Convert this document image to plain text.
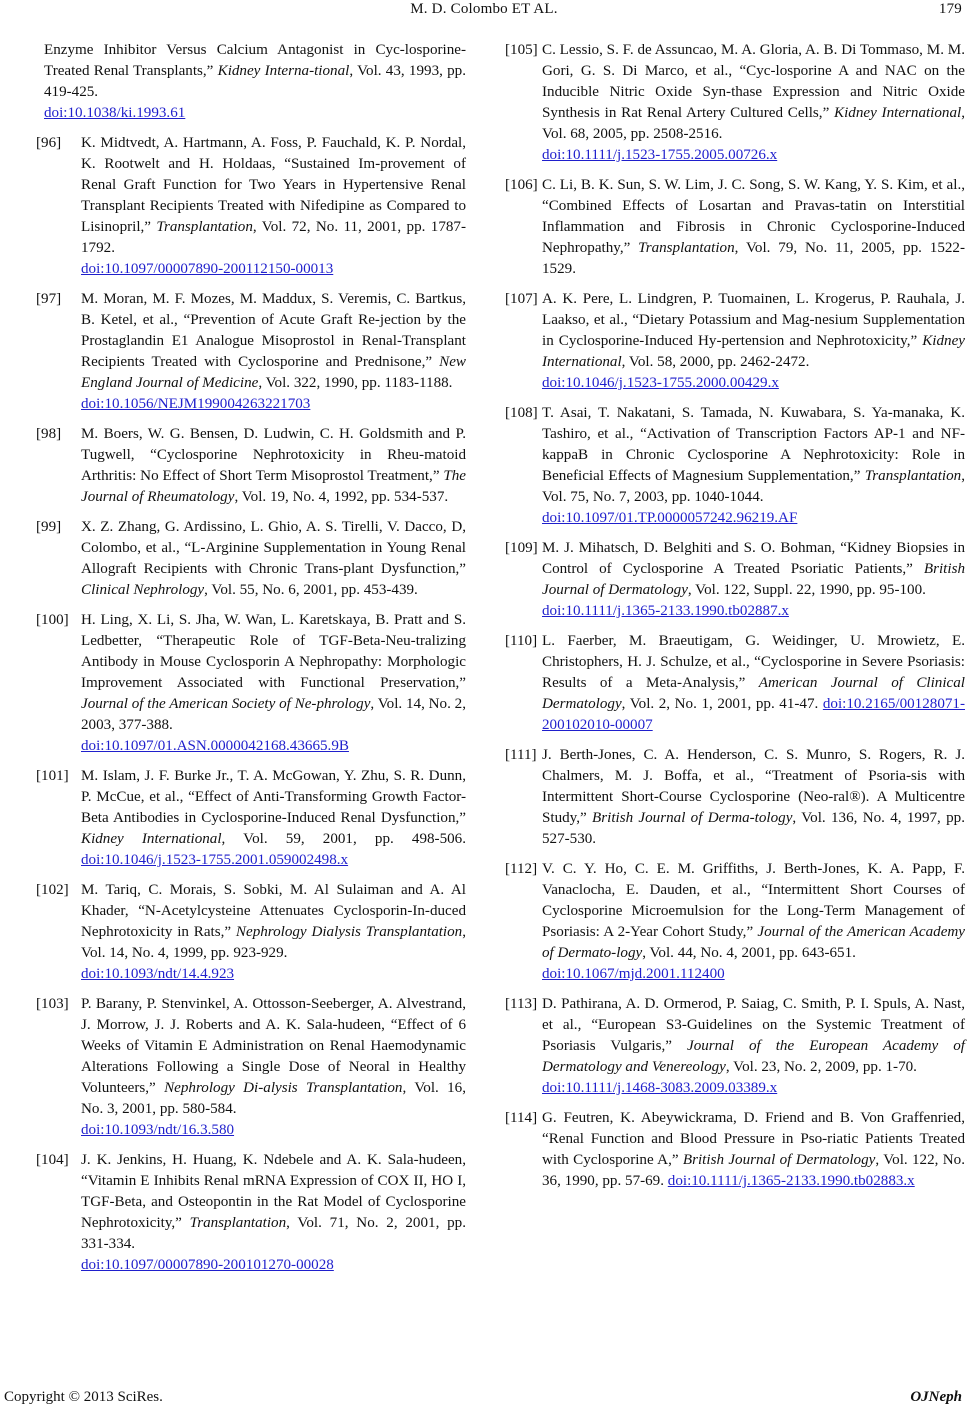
M. D. Colombo ET AL.	179
Enzyme Inhibitor Versus Calcium Antagonist in Cyc-losporine-Treated Renal Transplants,” Kidney Interna-tional, Vol. 43, 1993, pp. 419-425.
doi:10.1038/ki.1993.61
[96] K. Midtvedt, A. Hartmann, A. Foss, P. Fauchald, K. P. Nordal, K. Rootwelt and H. Holdaas, “Sustained Im-provement of Renal Graft Function for Two Years in Hypertensive Renal Transplant Recipients Treated with Nifedipine as Compared to Lisinopril,” Transplantation, Vol. 72, No. 11, 2001, pp. 1787-1792.
doi:10.1097/00007890-200112150-00013
[97] M. Moran, M. F. Mozes, M. Maddux, S. Veremis, C. Bartkus, B. Ketel, et al., “Prevention of Acute Graft Re-jection by the Prostaglandin E1 Analogue Misoprostol in Renal-Transplant Recipients Treated with Cyclosporine and Prednisone,” New England Journal of Medicine, Vol. 322, 1990, pp. 1183-1188.
doi:10.1056/NEJM199004263221703
[98] M. Boers, W. G. Bensen, D. Ludwin, C. H. Goldsmith and P. Tugwell, “Cyclosporine Nephrotoxicity in Rheu-matoid Arthritis: No Effect of Short Term Misoprostol Treatment,” The Journal of Rheumatology, Vol. 19, No. 4, 1992, pp. 534-537.
[99] X. Z. Zhang, G. Ardissino, L. Ghio, A. S. Tirelli, V. Dacco, D, Colombo, et al., “L-Arginine Supplementation in Young Renal Allograft Recipients with Chronic Trans-plant Dysfunction,” Clinical Nephrology, Vol. 55, No. 6, 2001, pp. 453-439.
[100] H. Ling, X. Li, S. Jha, W. Wan, L. Karetskaya, B. Pratt and S. Ledbetter, “Therapeutic Role of TGF-Beta-Neu-tralizing Antibody in Mouse Cyclosporin A Nephropathy: Morphologic Improvement Associated with Functional Preservation,” Journal of the American Society of Ne-phrology, Vol. 14, No. 2, 2003, 377-388.
doi:10.1097/01.ASN.0000042168.43665.9B
[101] M. Islam, J. F. Burke Jr., T. A. McGowan, Y. Zhu, S. R. Dunn, P. McCue, et al., “Effect of Anti-Transforming Growth Factor-Beta Antibodies in Cyclosporine-Induced Renal Dysfunction,” Kidney International, Vol. 59, 2001, pp. 498-506. doi:10.1046/j.1523-1755.2001.059002498.x
[102] M. Tariq, C. Morais, S. Sobki, M. Al Sulaiman and A. Al Khader, “N-Acetylcysteine Attenuates Cyclosporin-In-duced Nephrotoxicity in Rats,” Nephrology Dialysis Transplantation, Vol. 14, No. 4, 1999, pp. 923-929.
doi:10.1093/ndt/14.4.923
[103] P. Barany, P. Stenvinkel, A. Ottosson-Seeberger, A. Alvestrand, J. Morrow, J. J. Roberts and A. K. Sala-hudeen, “Effect of 6 Weeks of Vitamin E Administration on Renal Haemodynamic Alterations Following a Single Dose of Neoral in Healthy Volunteers,” Nephrology Di-alysis Transplantation, Vol. 16, No. 3, 2001, pp. 580-584.
doi:10.1093/ndt/16.3.580
[104] J. K. Jenkins, H. Huang, K. Ndebele and A. K. Sala-hudeen, “Vitamin E Inhibits Renal mRNA Expression of COX II, HO I, TGF-Beta, and Osteopontin in the Rat Model of Cyclosporine Nephrotoxicity,” Transplantation, Vol. 71, No. 2, 2001, pp. 331-334.
doi:10.1097/00007890-200101270-00028
[105] C. Lessio, S. F. de Assuncao, M. A. Gloria, A. B. Di Tommaso, M. M. Gori, G. S. Di Marco, et al., “Cyc-losporine A and NAC on the Inducible Nitric Oxide Syn-thase Expression and Nitric Oxide Synthesis in Rat Renal Artery Cultured Cells,” Kidney International, Vol. 68, 2005, pp. 2508-2516.
doi:10.1111/j.1523-1755.2005.00726.x
[106] C. Li, B. K. Sun, S. W. Lim, J. C. Song, S. W. Kang, Y. S. Kim, et al., “Combined Effects of Losartan and Pravas-tatin on Interstitial Inflammation and Fibrosis in Chronic Cyclosporine-Induced Nephropathy,” Transplantation, Vol. 79, No. 11, 2005, pp. 1522-1529.
[107] A. K. Pere, L. Lindgren, P. Tuomainen, L. Krogerus, P. Rauhala, J. Laakso, et al., “Dietary Potassium and Mag-nesium Supplementation in Cyclosporine-Induced Hy-pertension and Nephrotoxicity,” Kidney International, Vol. 58, 2000, pp. 2462-2472.
doi:10.1046/j.1523-1755.2000.00429.x
[108] T. Asai, T. Nakatani, S. Tamada, N. Kuwabara, S. Ya-manaka, K. Tashiro, et al., “Activation of Transcription Factors AP-1 and NF-kappaB in Chronic Cyclosporine A Nephrotoxicity: Role in Beneficial Effects of Magnesium Supplementation,” Transplantation, Vol. 75, No. 7, 2003, pp. 1040-1044.
doi:10.1097/01.TP.0000057242.96219.AF
[109] M. J. Mihatsch, D. Belghiti and S. O. Bohman, “Kidney Biopsies in Control of Cyclosporine A Treated Psoriatic Patients,” British Journal of Dermatology, Vol. 122, Suppl. 22, 1990, pp. 95-100.
doi:10.1111/j.1365-2133.1990.tb02887.x
[110] L. Faerber, M. Braeutigam, G. Weidinger, U. Mrowietz, E. Christophers, H. J. Schulze, et al., “Cyclosporine in Severe Psoriasis: Results of a Meta-Analysis,” American Journal of Clinical Dermatology, Vol. 2, No. 1, 2001, pp. 41-47. doi:10.2165/00128071-200102010-00007
[111] J. Berth-Jones, C. A. Henderson, C. S. Munro, S. Rogers, R. J. Chalmers, M. J. Boffa, et al., “Treatment of Psoria-sis with Intermittent Short-Course Cyclosporine (Neo-ral®). A Multicentre Study,” British Journal of Derma-tology, Vol. 136, No. 4, 1997, pp. 527-530.
[112] V. C. Y. Ho, C. E. M. Griffiths, J. Berth-Jones, K. A. Papp, F. Vanaclocha, E. Dauden, et al., “Intermittent Short Courses of Cyclosporine Microemulsion for the Long-Term Management of Psoriasis: A 2-Year Cohort Study,” Journal of the American Academy of Dermato-logy, Vol. 44, No. 4, 2001, pp. 643-651.
doi:10.1067/mjd.2001.112400
[113] D. Pathirana, A. D. Ormerod, P. Saiag, C. Smith, P. I. Spuls, A. Nast, et al., “European S3-Guidelines on the Systemic Treatment of Psoriasis Vulgaris,” Journal of the European Academy of Dermatology and Venereology, Vol. 23, No. 2, 2009, pp. 1-70.
doi:10.1111/j.1468-3083.2009.03389.x
[114] G. Feutren, K. Abeywickrama, D. Friend and B. Von Graffenried, “Renal Function and Blood Pressure in Pso-riatic Patients Treated with Cyclosporine A,” British Journal of Dermatology, Vol. 122, No. 36, 1990, pp. 57-69. doi:10.1111/j.1365-2133.1990.tb02883.x
Copyright © 2013 SciRes.	OJNeph
